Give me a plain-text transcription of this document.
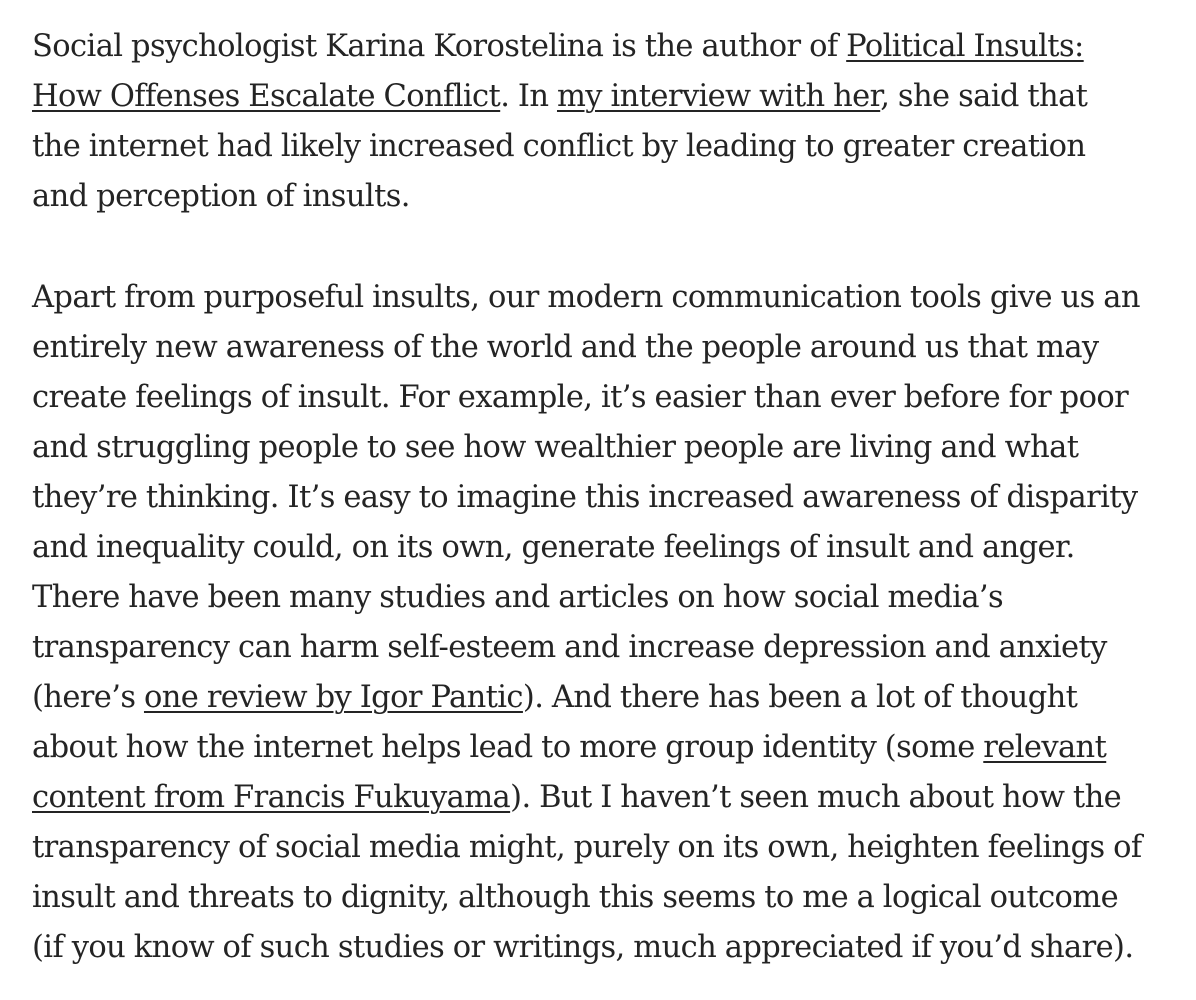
Social psychologist Karina Korostelina is the author of Political Insults: How Offenses Escalate Conflict. In my interview with her, she said that the internet had likely increased conflict by leading to greater creation and perception of insults.

Apart from purposeful insults, our modern communication tools give us an entirely new awareness of the world and the people around us that may create feelings of insult. For example, it’s easier than ever before for poor and struggling people to see how wealthier people are living and what they’re thinking. It’s easy to imagine this increased awareness of disparity and inequality could, on its own, generate feelings of insult and anger. There have been many studies and articles on how social media’s transparency can harm self-esteem and increase depression and anxiety (here’s one review by Igor Pantic). And there has been a lot of thought about how the internet helps lead to more group identity (some relevant content from Francis Fukuyama). But I haven’t seen much about how the transparency of social media might, purely on its own, heighten feelings of insult and threats to dignity, although this seems to me a logical outcome (if you know of such studies or writings, much appreciated if you’d share).
